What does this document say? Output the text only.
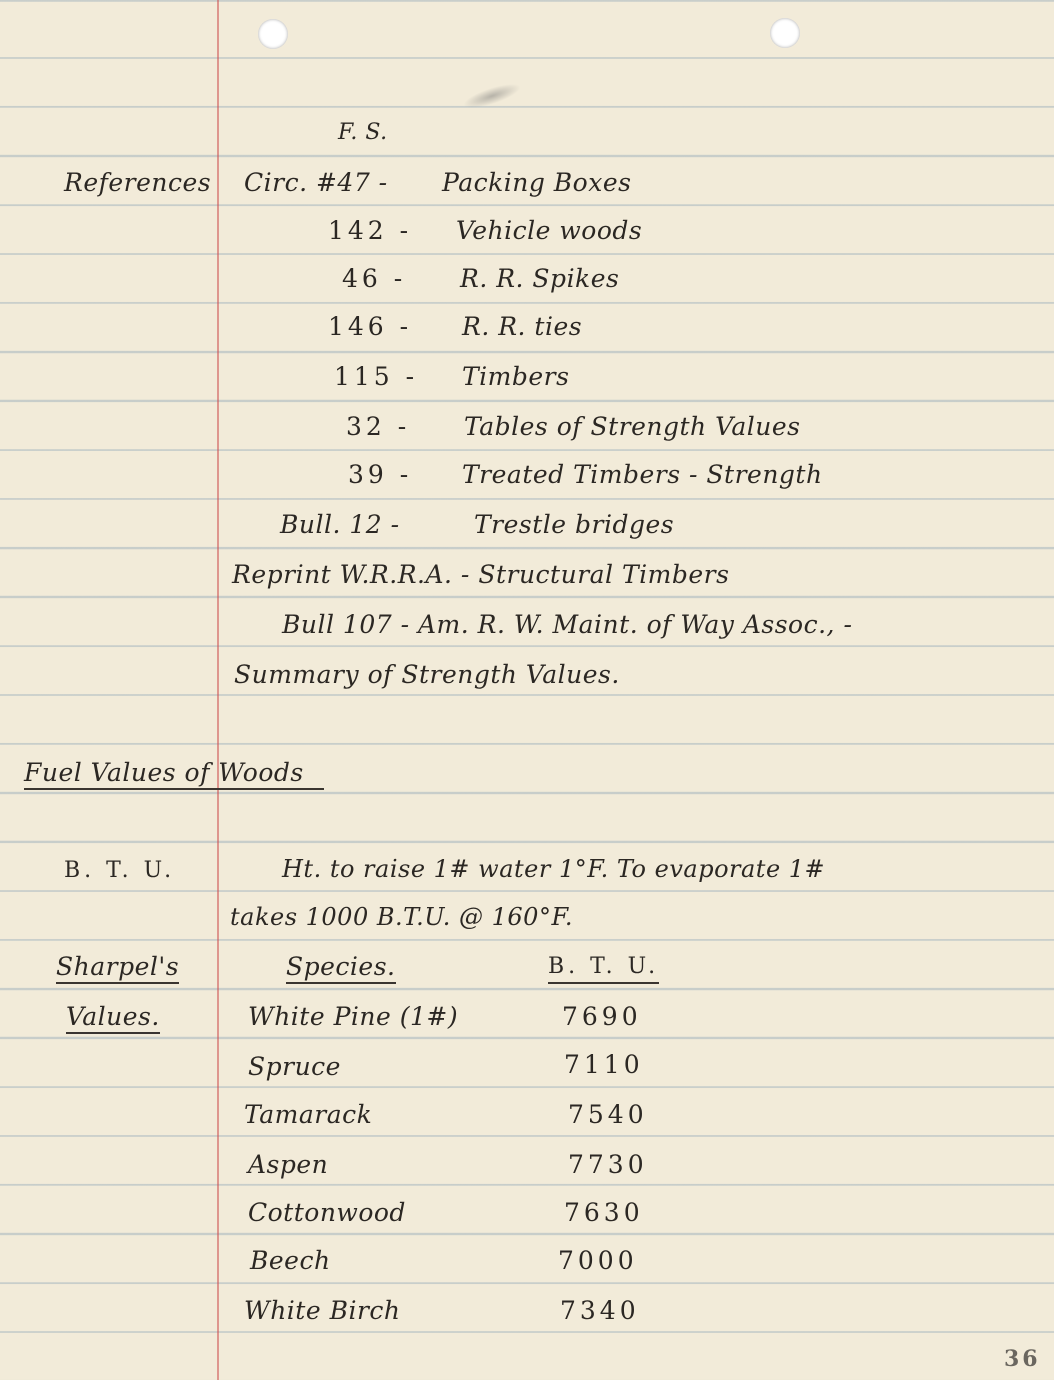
F. S.
References Circ. #47 - Packing Boxes
142 - Vehicle woods
46 - R. R. Spikes
146 - R. R. ties
115 - Timbers
32 - Tables of Strength Values
39 - Treated Timbers - Strength
Bull. 12 -	Trestle bridges
Reprint W.R.R.A. - Structural Timbers
Bull 107 - Am. R. W. Maint. of Way Assoc., -
Summary of Strength Values.
Fuel Values of Woods
B. T. U.	Ht. to raise 1# water 1°F. To evaporate 1#
takes 1000 B.T.U. @ 160°F.
Sharpel's
Values.
Species.	B. T. U.
White Pine (1#)	7690
Spruce	7110
Tamarack	7540
Aspen	7730
Cottonwood	7630
Beech	7000
White Birch	7340
36
